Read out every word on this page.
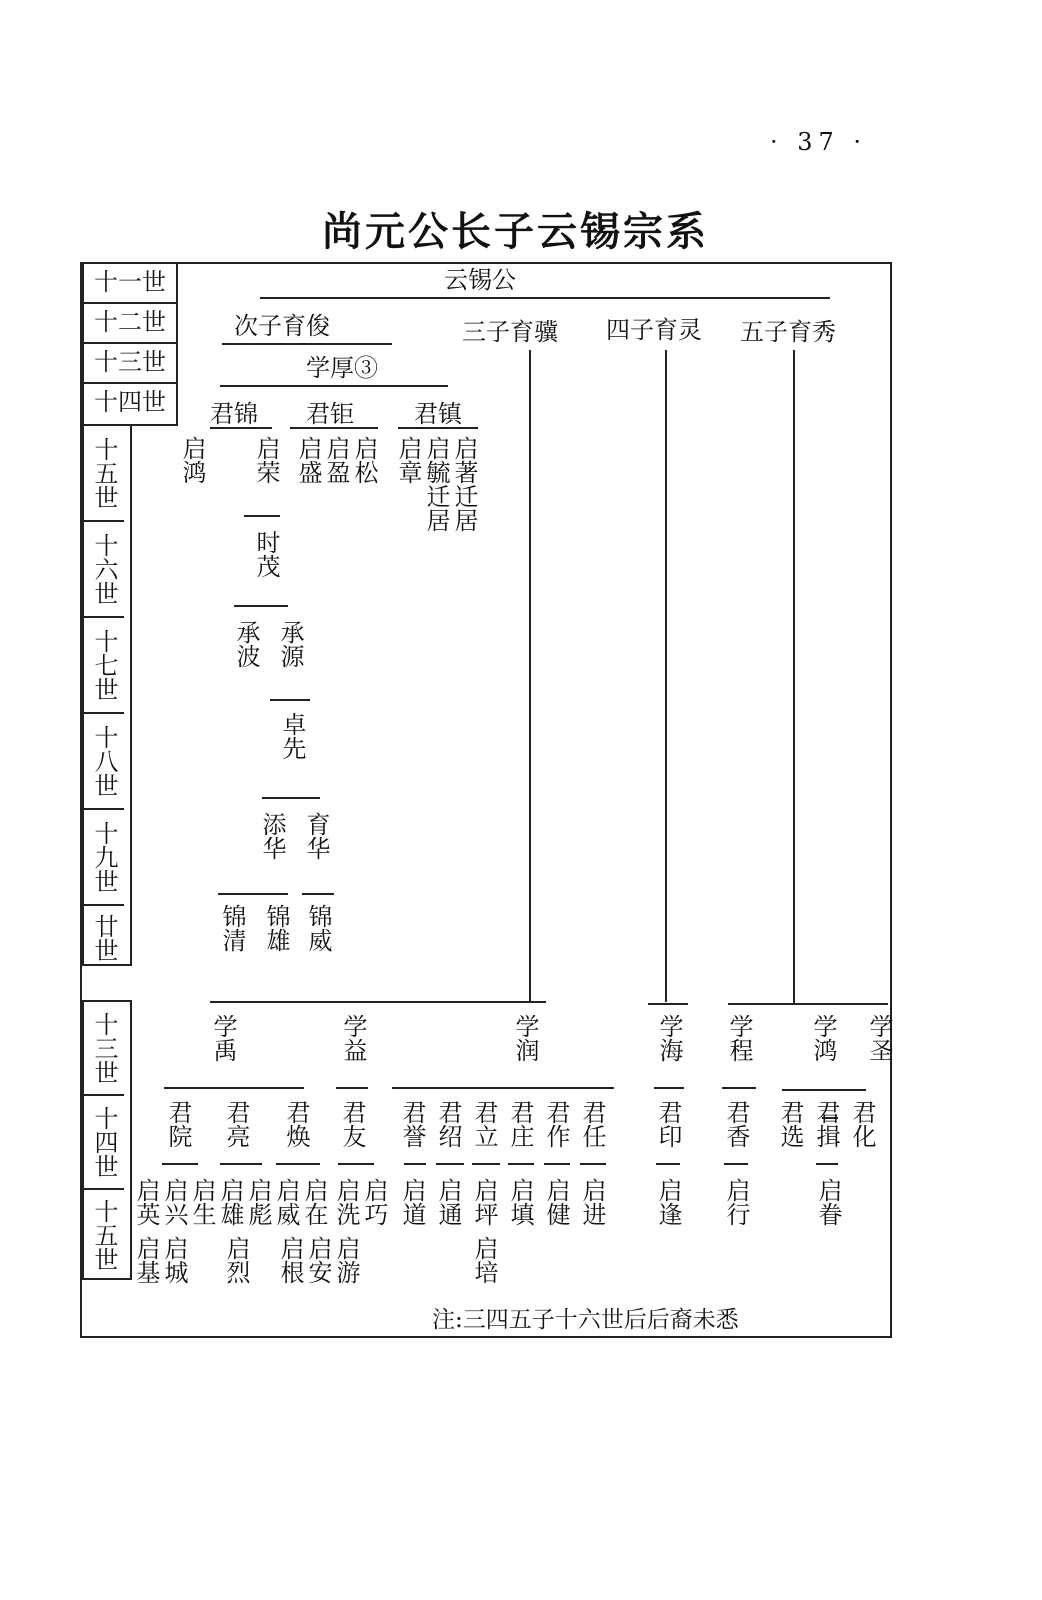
· 37 ·
尚元公长子云锡宗系
十一世
十二世
十三世
十四世
十五世
十六世
十七世
十八世
十九世
廿世
十三世
十四世
十五世
云锡公
次子育俊	三子育骥 四子育灵 五子育秀
学厚③
君锦 君钜	君镇
启鸿 启荣 启盛 启盈 启松 启章 启毓迁居 启著迁居
时茂
承波 承源
卓先
添华 育华
锦清 锦雄 锦威
学禹	学益	学润	学海 学程 学鸿 学圣
君院 君亮 君焕 君友 君誉 君绍 君立 君庄 君作 君任 君印 君香 君选 君揖 君化
启英 启兴 启生 启雄 启彪 启威 启在 启洗 启巧 启道 启通 启坪 启填 启健 启进 启逢 启行	启眷
启基 启城 启烈 启根 启安 启游	启培
注:三四五子十六世后后裔未悉
